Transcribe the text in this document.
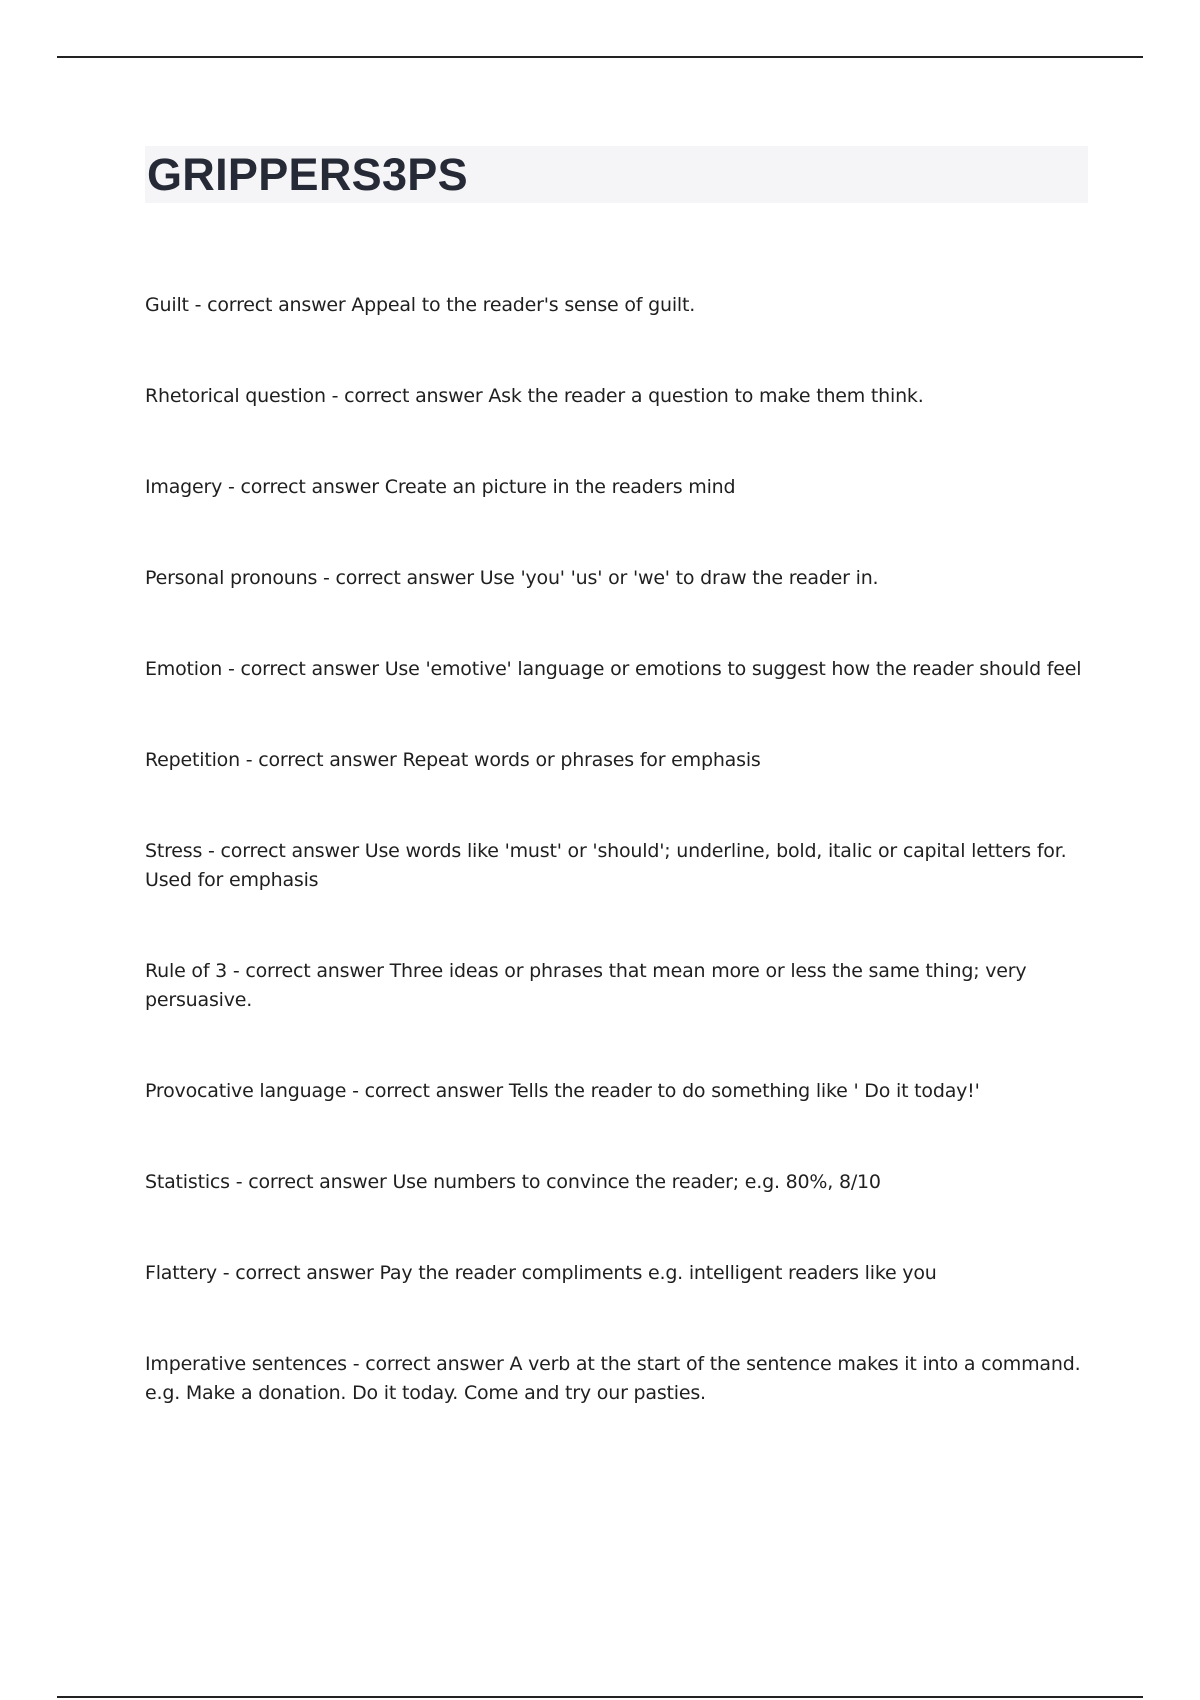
GRIPPERS3PS
Guilt - correct answer Appeal to the reader's sense of guilt.
Rhetorical question - correct answer Ask the reader a question to make them think.
Imagery - correct answer Create an picture in the readers mind
Personal pronouns - correct answer Use 'you' 'us' or 'we' to draw the reader in.
Emotion - correct answer Use 'emotive' language or emotions to suggest how the reader should feel
Repetition - correct answer Repeat words or phrases for emphasis
Stress - correct answer Use words like 'must' or 'should'; underline, bold, italic or capital letters for. Used for emphasis
Rule of 3 - correct answer Three ideas or phrases that mean more or less the same thing; very persuasive.
Provocative language - correct answer Tells the reader to do something like ' Do it today!'
Statistics - correct answer Use numbers to convince the reader; e.g. 80%, 8/10
Flattery - correct answer Pay the reader compliments e.g. intelligent readers like you
Imperative sentences - correct answer A verb at the start of the sentence makes it into a command. e.g. Make a donation. Do it today. Come and try our pasties.
